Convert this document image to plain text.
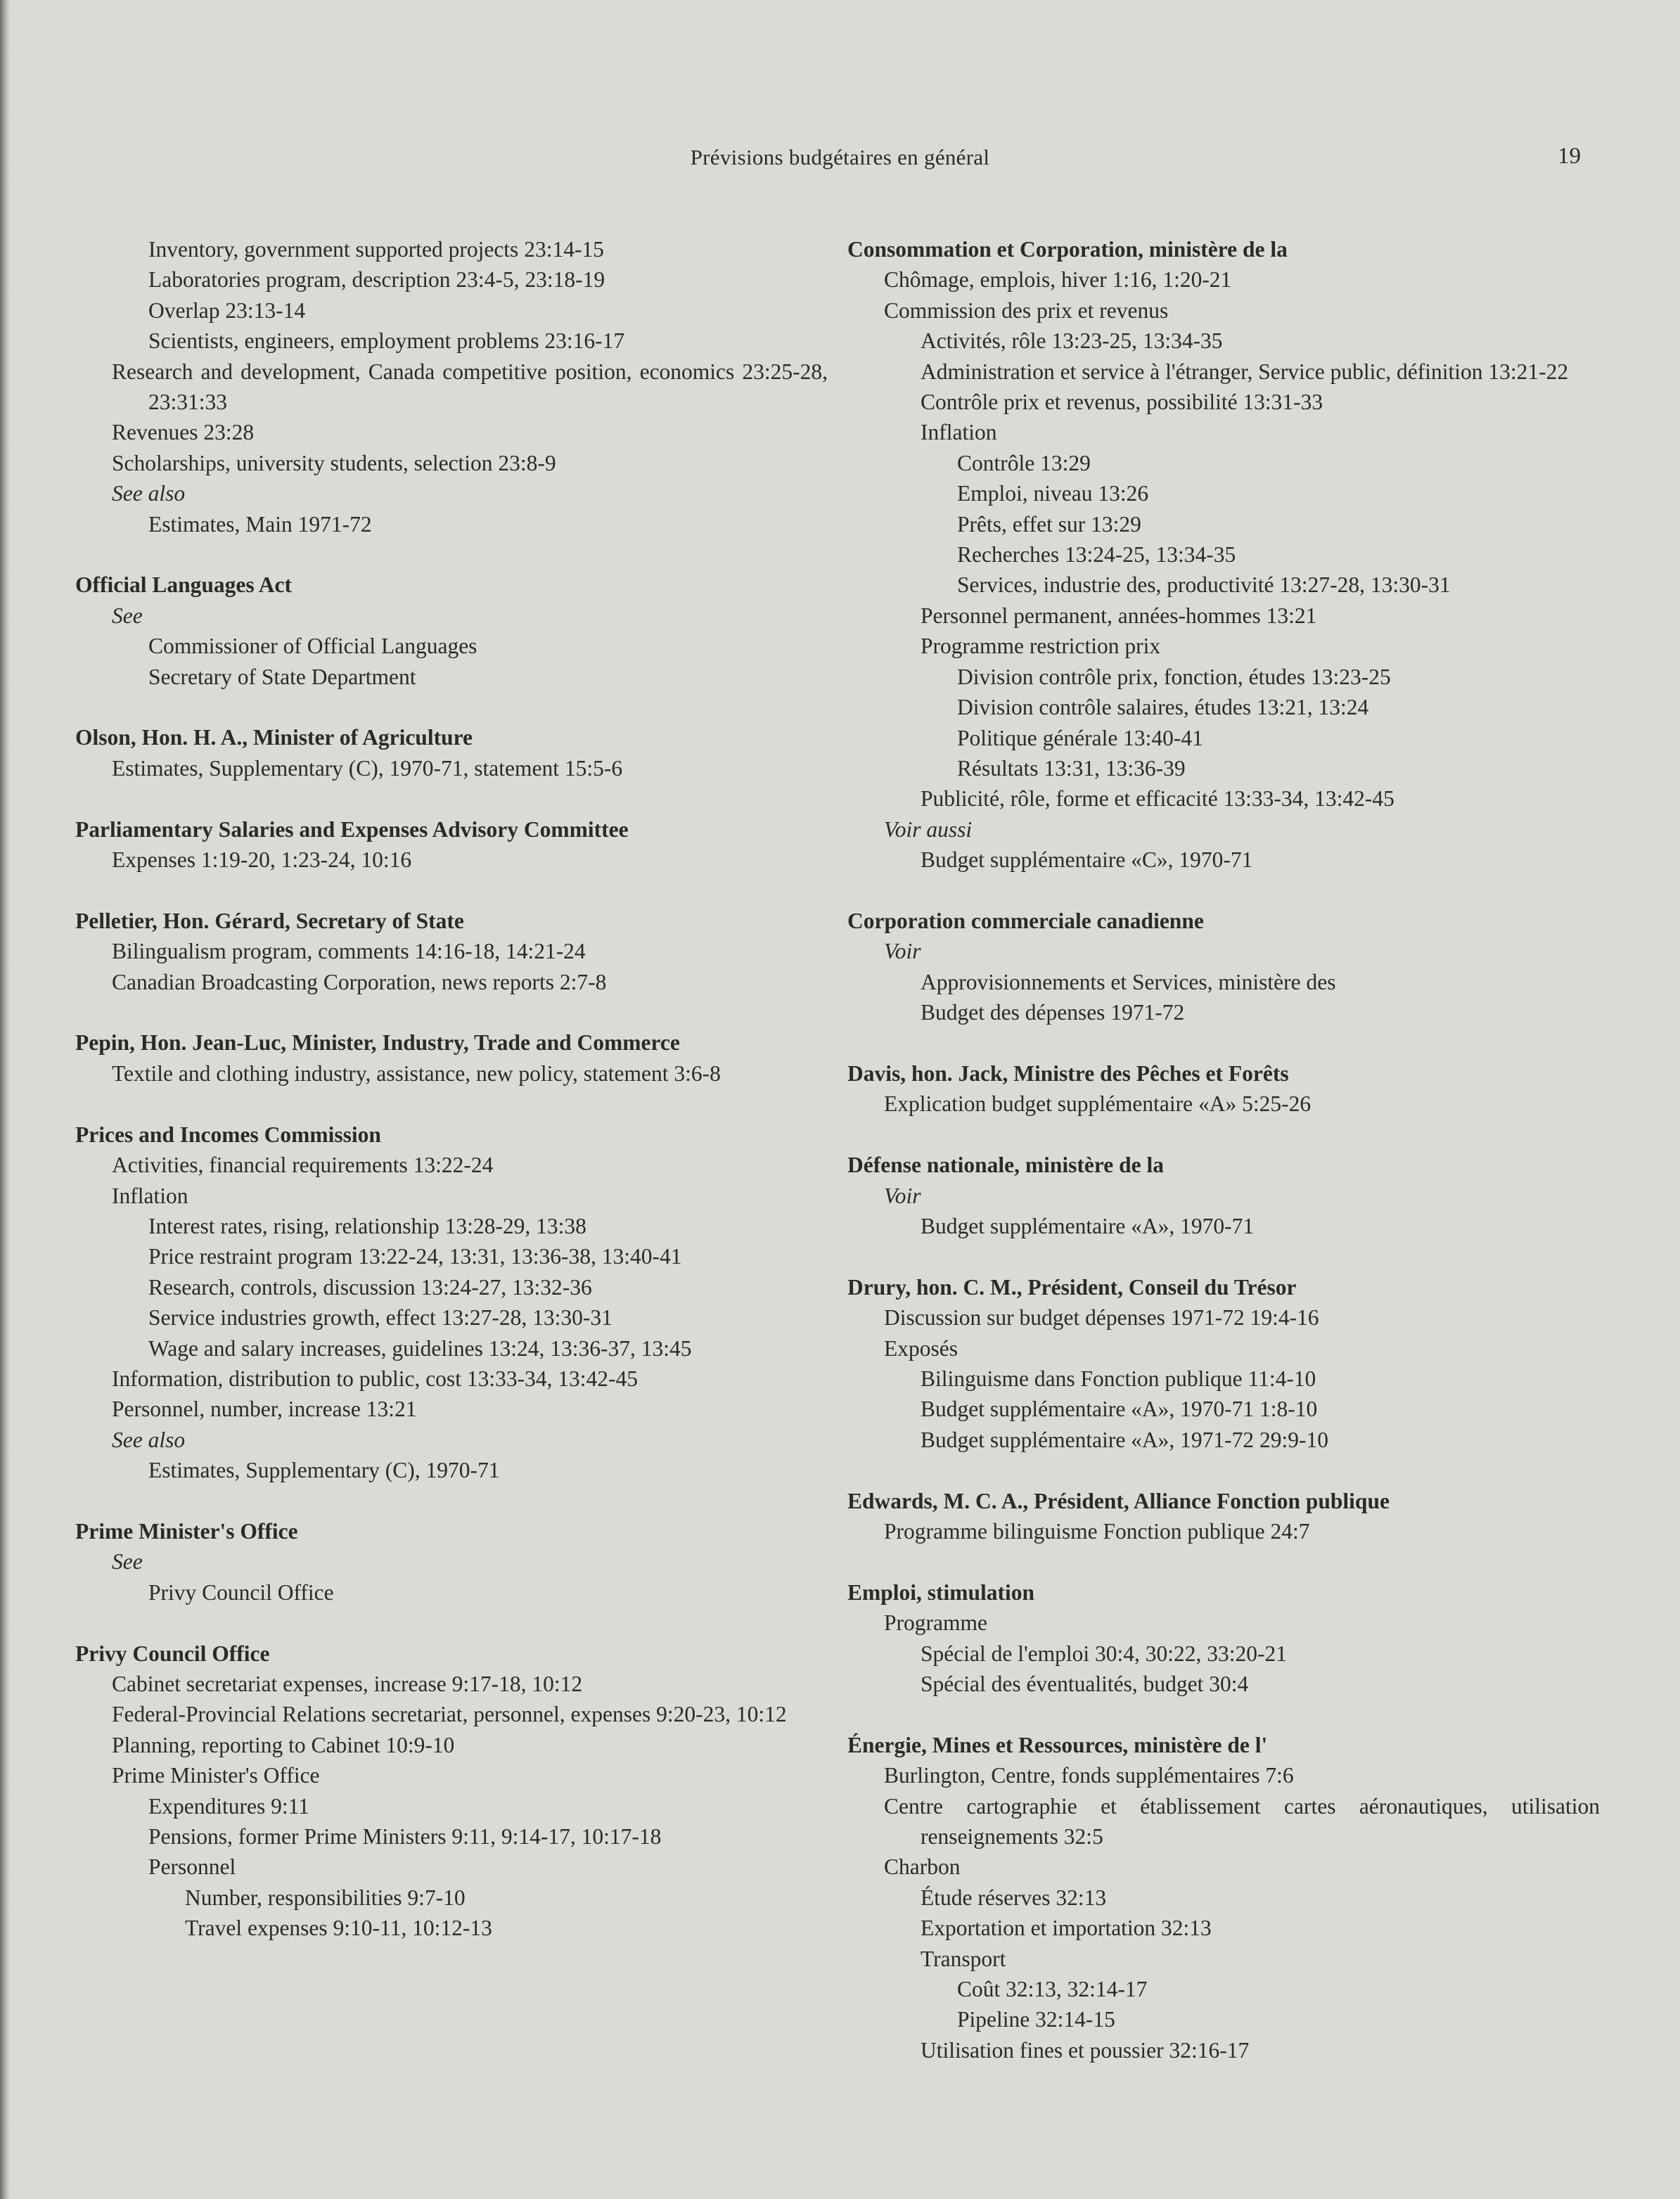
Prévisions budgétaires en général	19
Inventory, government supported projects 23:14-15
Laboratories program, description 23:4-5, 23:18-19
Overlap 23:13-14
Scientists, engineers, employment problems 23:16-17
Research and development, Canada competitive position, economics 23:25-28, 23:31:33
Revenues 23:28
Scholarships, university students, selection 23:8-9
See also
Estimates, Main 1971-72
Official Languages Act
See
Commissioner of Official Languages
Secretary of State Department
Olson, Hon. H. A., Minister of Agriculture
Estimates, Supplementary (C), 1970-71, statement 15:5-6
Parliamentary Salaries and Expenses Advisory Committee
Expenses 1:19-20, 1:23-24, 10:16
Pelletier, Hon. Gérard, Secretary of State
Bilingualism program, comments 14:16-18, 14:21-24
Canadian Broadcasting Corporation, news reports 2:7-8
Pepin, Hon. Jean-Luc, Minister, Industry, Trade and Commerce
Textile and clothing industry, assistance, new policy, statement 3:6-8
Prices and Incomes Commission
Activities, financial requirements 13:22-24
Inflation
Interest rates, rising, relationship 13:28-29, 13:38
Price restraint program 13:22-24, 13:31, 13:36-38, 13:40-41
Research, controls, discussion 13:24-27, 13:32-36
Service industries growth, effect 13:27-28, 13:30-31
Wage and salary increases, guidelines 13:24, 13:36-37, 13:45
Information, distribution to public, cost 13:33-34, 13:42-45
Personnel, number, increase 13:21
See also
Estimates, Supplementary (C), 1970-71
Prime Minister's Office
See
Privy Council Office
Privy Council Office
Cabinet secretariat expenses, increase 9:17-18, 10:12
Federal-Provincial Relations secretariat, personnel, expenses 9:20-23, 10:12
Planning, reporting to Cabinet 10:9-10
Prime Minister's Office
Expenditures 9:11
Pensions, former Prime Ministers 9:11, 9:14-17, 10:17-18
Personnel
Number, responsibilities 9:7-10
Travel expenses 9:10-11, 10:12-13
Consommation et Corporation, ministère de la
Chômage, emplois, hiver 1:16, 1:20-21
Commission des prix et revenus
Activités, rôle 13:23-25, 13:34-35
Administration et service à l'étranger, Service public, définition 13:21-22
Contrôle prix et revenus, possibilité 13:31-33
Inflation
Contrôle 13:29
Emploi, niveau 13:26
Prêts, effet sur 13:29
Recherches 13:24-25, 13:34-35
Services, industrie des, productivité 13:27-28, 13:30-31
Personnel permanent, années-hommes 13:21
Programme restriction prix
Division contrôle prix, fonction, études 13:23-25
Division contrôle salaires, études 13:21, 13:24
Politique générale 13:40-41
Résultats 13:31, 13:36-39
Publicité, rôle, forme et efficacité 13:33-34, 13:42-45
Voir aussi
Budget supplémentaire «C», 1970-71
Corporation commerciale canadienne
Voir
Approvisionnements et Services, ministère des
Budget des dépenses 1971-72
Davis, hon. Jack, Ministre des Pêches et Forêts
Explication budget supplémentaire «A» 5:25-26
Défense nationale, ministère de la
Voir
Budget supplémentaire «A», 1970-71
Drury, hon. C. M., Président, Conseil du Trésor
Discussion sur budget dépenses 1971-72 19:4-16
Exposés
Bilinguisme dans Fonction publique 11:4-10
Budget supplémentaire «A», 1970-71 1:8-10
Budget supplémentaire «A», 1971-72 29:9-10
Edwards, M. C. A., Président, Alliance Fonction publique
Programme bilinguisme Fonction publique 24:7
Emploi, stimulation
Programme
Spécial de l'emploi 30:4, 30:22, 33:20-21
Spécial des éventualités, budget 30:4
Énergie, Mines et Ressources, ministère de l'
Burlington, Centre, fonds supplémentaires 7:6
Centre cartographie et établissement cartes aéronautiques, utilisation renseignements 32:5
Charbon
Étude réserves 32:13
Exportation et importation 32:13
Transport
Coût 32:13, 32:14-17
Pipeline 32:14-15
Utilisation fines et poussier 32:16-17
